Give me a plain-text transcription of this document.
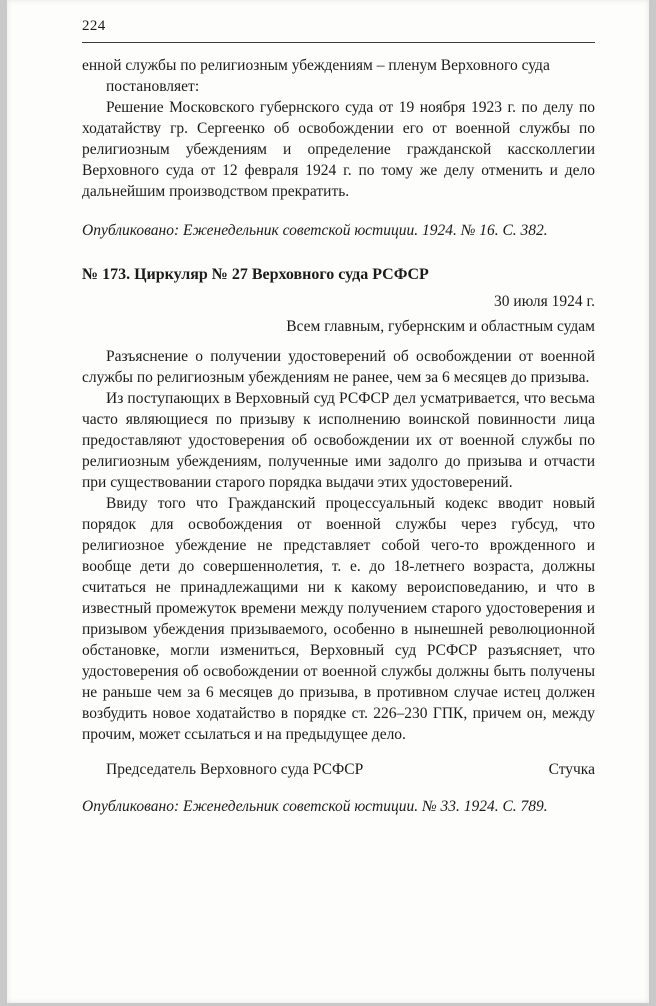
224

енной службы по религиозным убеждениям – пленум Верховного суда
постановляет:

Решение Московского губернского суда от 19 ноября 1923 г. по делу по ходатайству гр. Сергеенко об освобождении его от военной службы по религиозным убеждениям и определение гражданской кассколлегии Верховного суда от 12 февраля 1924 г. по тому же делу отменить и дело дальнейшим производством прекратить.

Опубликовано: Еженедельник советской юстиции. 1924. № 16. С. 382.

№ 173. Циркуляр № 27 Верховного суда РСФСР

30 июля 1924 г.

Всем главным, губернским и областным судам

Разъяснение о получении удостоверений об освобождении от военной службы по религиозным убеждениям не ранее, чем за 6 месяцев до призыва.

Из поступающих в Верховный суд РСФСР дел усматривается, что весьма часто являющиеся по призыву к исполнению воинской повинности лица предоставляют удостоверения об освобождении их от военной службы по религиозным убеждениям, полученные ими задолго до призыва и отчасти при существовании старого порядка выдачи этих удостоверений.

Ввиду того что Гражданский процессуальный кодекс вводит новый порядок для освобождения от военной службы через губсуд, что религиозное убеждение не представляет собой чего-то врожденного и вообще дети до совершеннолетия, т. е. до 18-летнего возраста, должны считаться не принадлежащими ни к какому вероисповеданию, и что в известный промежуток времени между получением старого удостоверения и призывом убеждения призываемого, особенно в нынешней революционной обстановке, могли измениться, Верховный суд РСФСР разъясняет, что удостоверения об освобождении от военной службы должны быть получены не раньше чем за 6 месяцев до призыва, в противном случае истец должен возбудить новое ходатайство в порядке ст. 226–230 ГПК, причем он, между прочим, может ссылаться и на предыдущее дело.

Председатель Верховного суда РСФСР	Стучка

Опубликовано: Еженедельник советской юстиции. № 33. 1924. С. 789.
